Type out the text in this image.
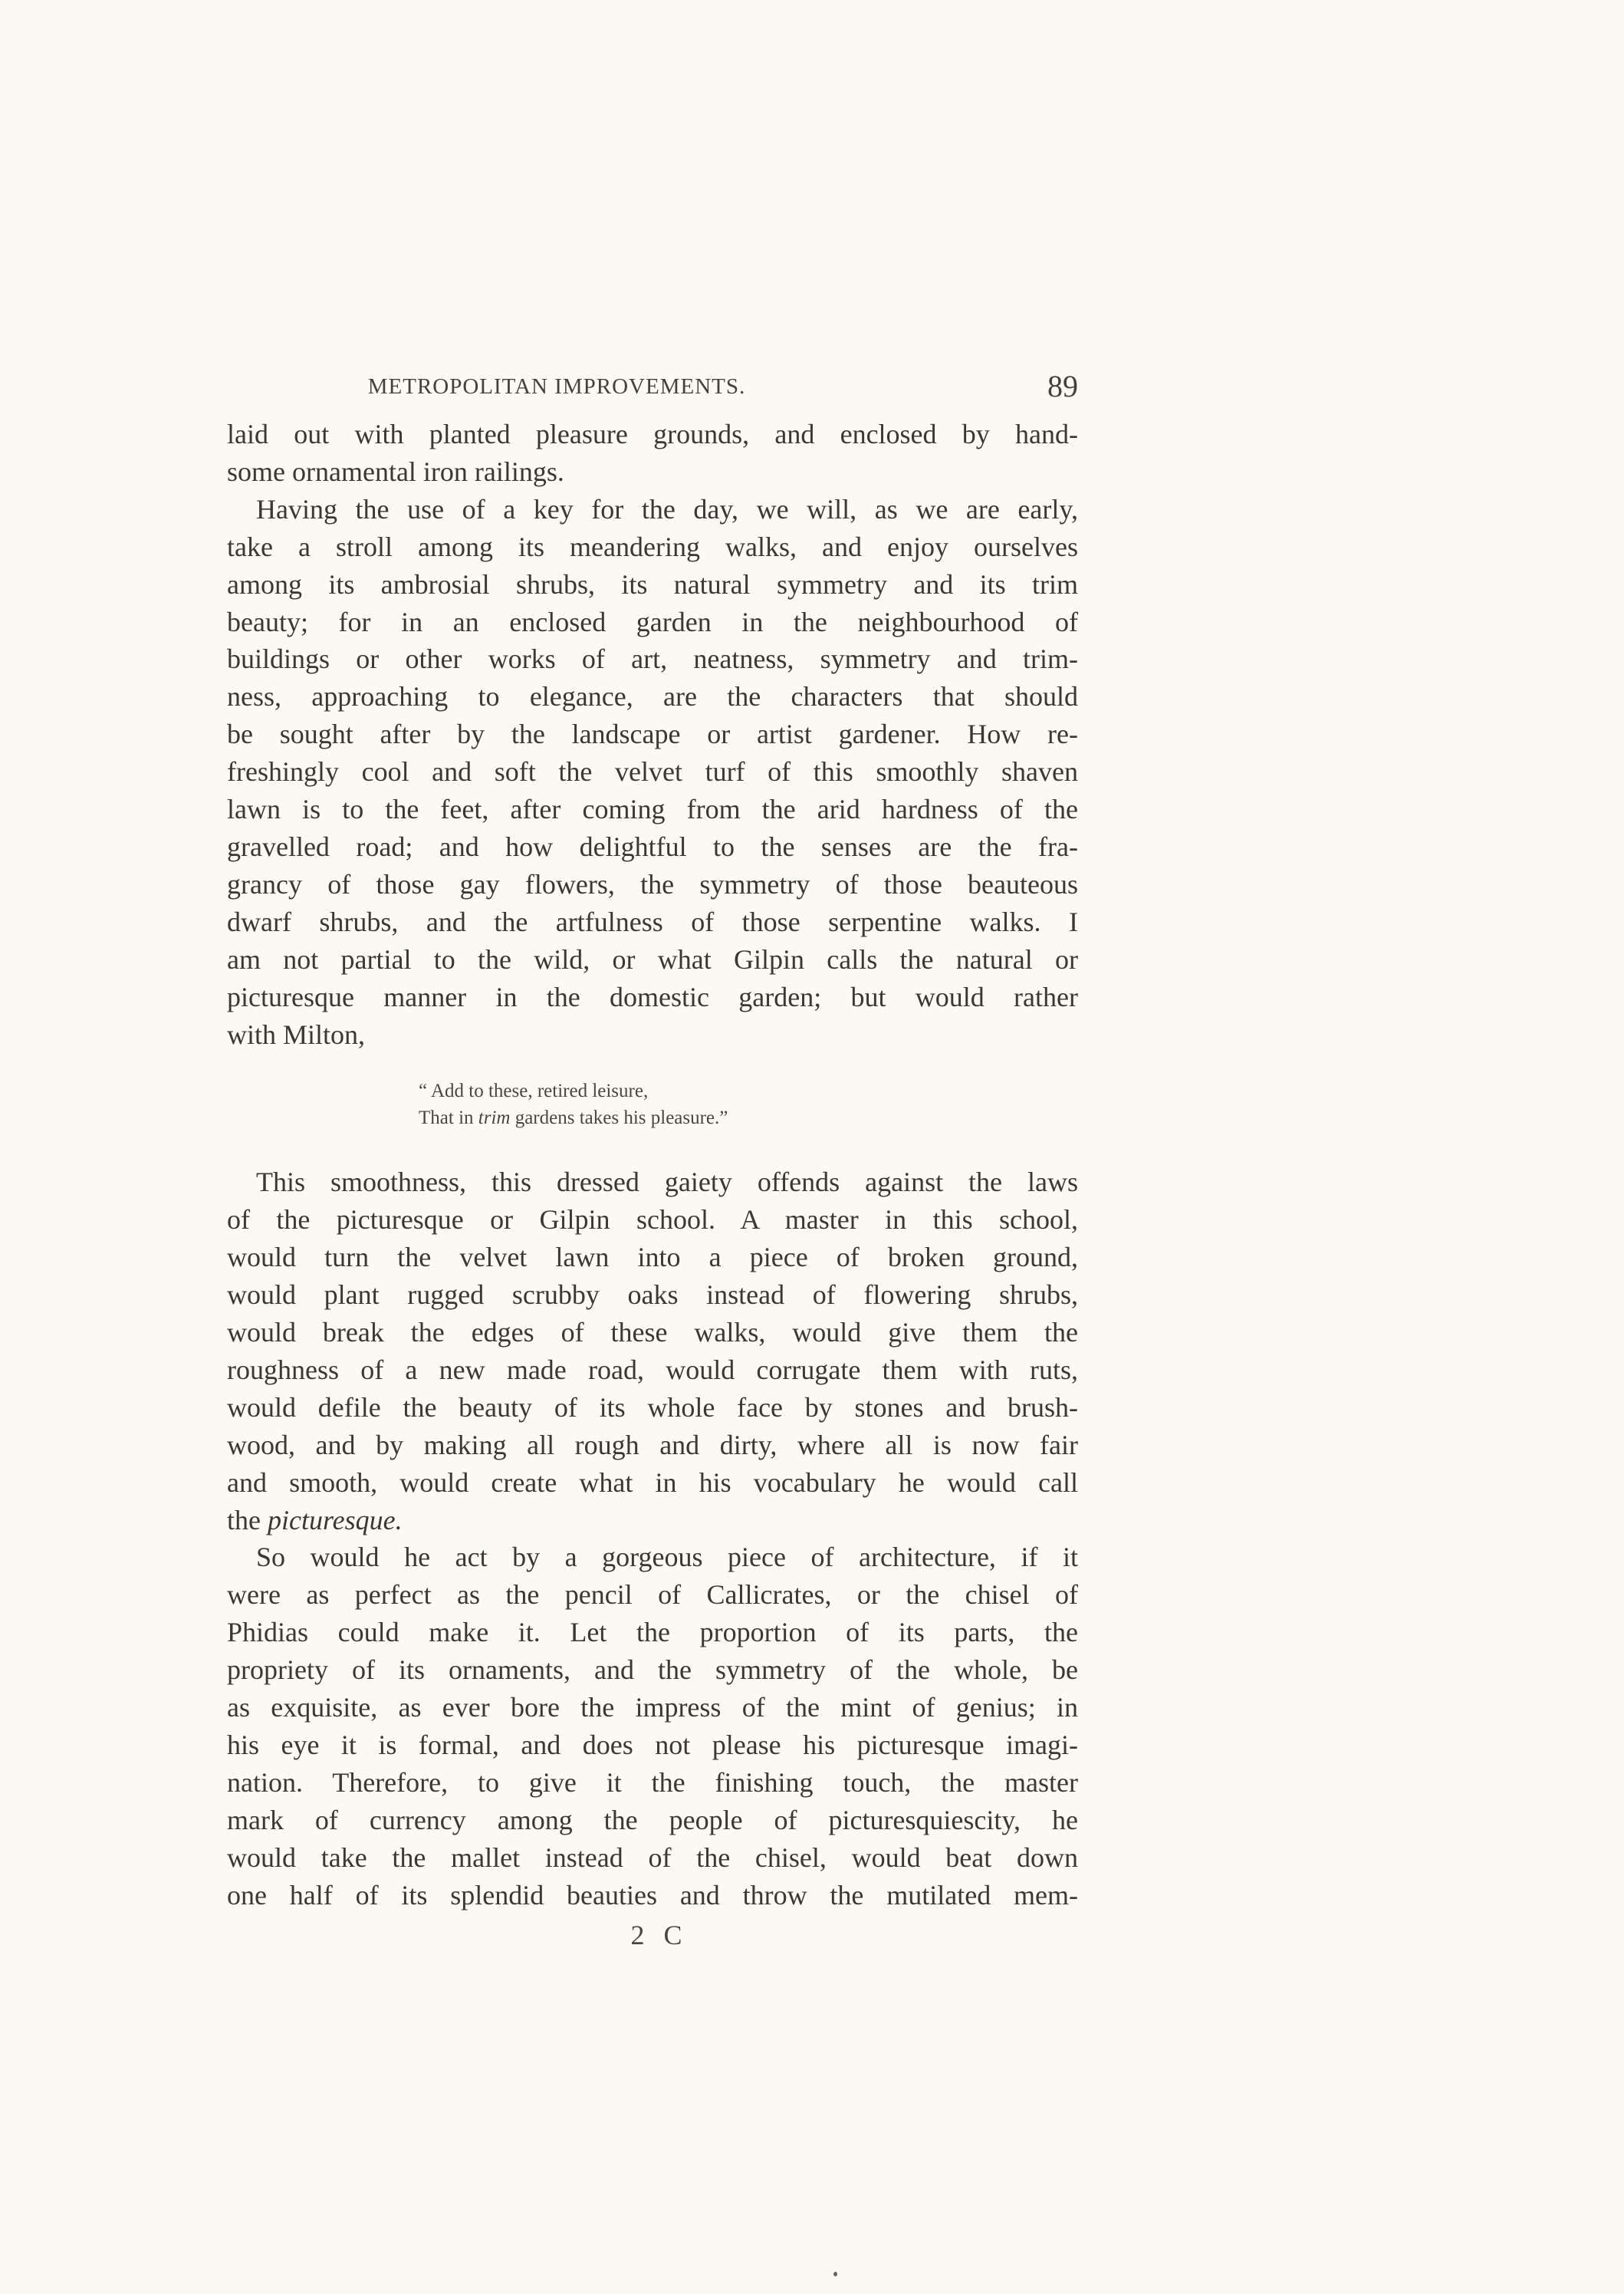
METROPOLITAN IMPROVEMENTS.	89

laid out with planted pleasure grounds, and enclosed by hand-
some ornamental iron railings.

Having the use of a key for the day, we will, as we are early,
take a stroll among its meandering walks, and enjoy ourselves
among its ambrosial shrubs, its natural symmetry and its trim
beauty; for in an enclosed garden in the neighbourhood of
buildings or other works of art, neatness, symmetry and trim-
ness, approaching to elegance, are the characters that should
be sought after by the landscape or artist gardener. How re-
freshingly cool and soft the velvet turf of this smoothly shaven
lawn is to the feet, after coming from the arid hardness of the
gravelled road; and how delightful to the senses are the fra-
grancy of those gay flowers, the symmetry of those beauteous
dwarf shrubs, and the artfulness of those serpentine walks. I
am not partial to the wild, or what Gilpin calls the natural or
picturesque manner in the domestic garden; but would rather
with Milton,

“ Add to these, retired leisure,
That in trim gardens takes his pleasure.”

This smoothness, this dressed gaiety offends against the laws
of the picturesque or Gilpin school. A master in this school,
would turn the velvet lawn into a piece of broken ground,
would plant rugged scrubby oaks instead of flowering shrubs,
would break the edges of these walks, would give them the
roughness of a new made road, would corrugate them with ruts,
would defile the beauty of its whole face by stones and brush-
wood, and by making all rough and dirty, where all is now fair
and smooth, would create what in his vocabulary he would call
the picturesque.

So would he act by a gorgeous piece of architecture, if it
were as perfect as the pencil of Callicrates, or the chisel of
Phidias could make it. Let the proportion of its parts, the
propriety of its ornaments, and the symmetry of the whole, be
as exquisite, as ever bore the impress of the mint of genius; in
his eye it is formal, and does not please his picturesque imagi-
nation. Therefore, to give it the finishing touch, the master
mark of currency among the people of picturesquiescity, he
would take the mallet instead of the chisel, would beat down
one half of its splendid beauties and throw the mutilated mem-

2 C
